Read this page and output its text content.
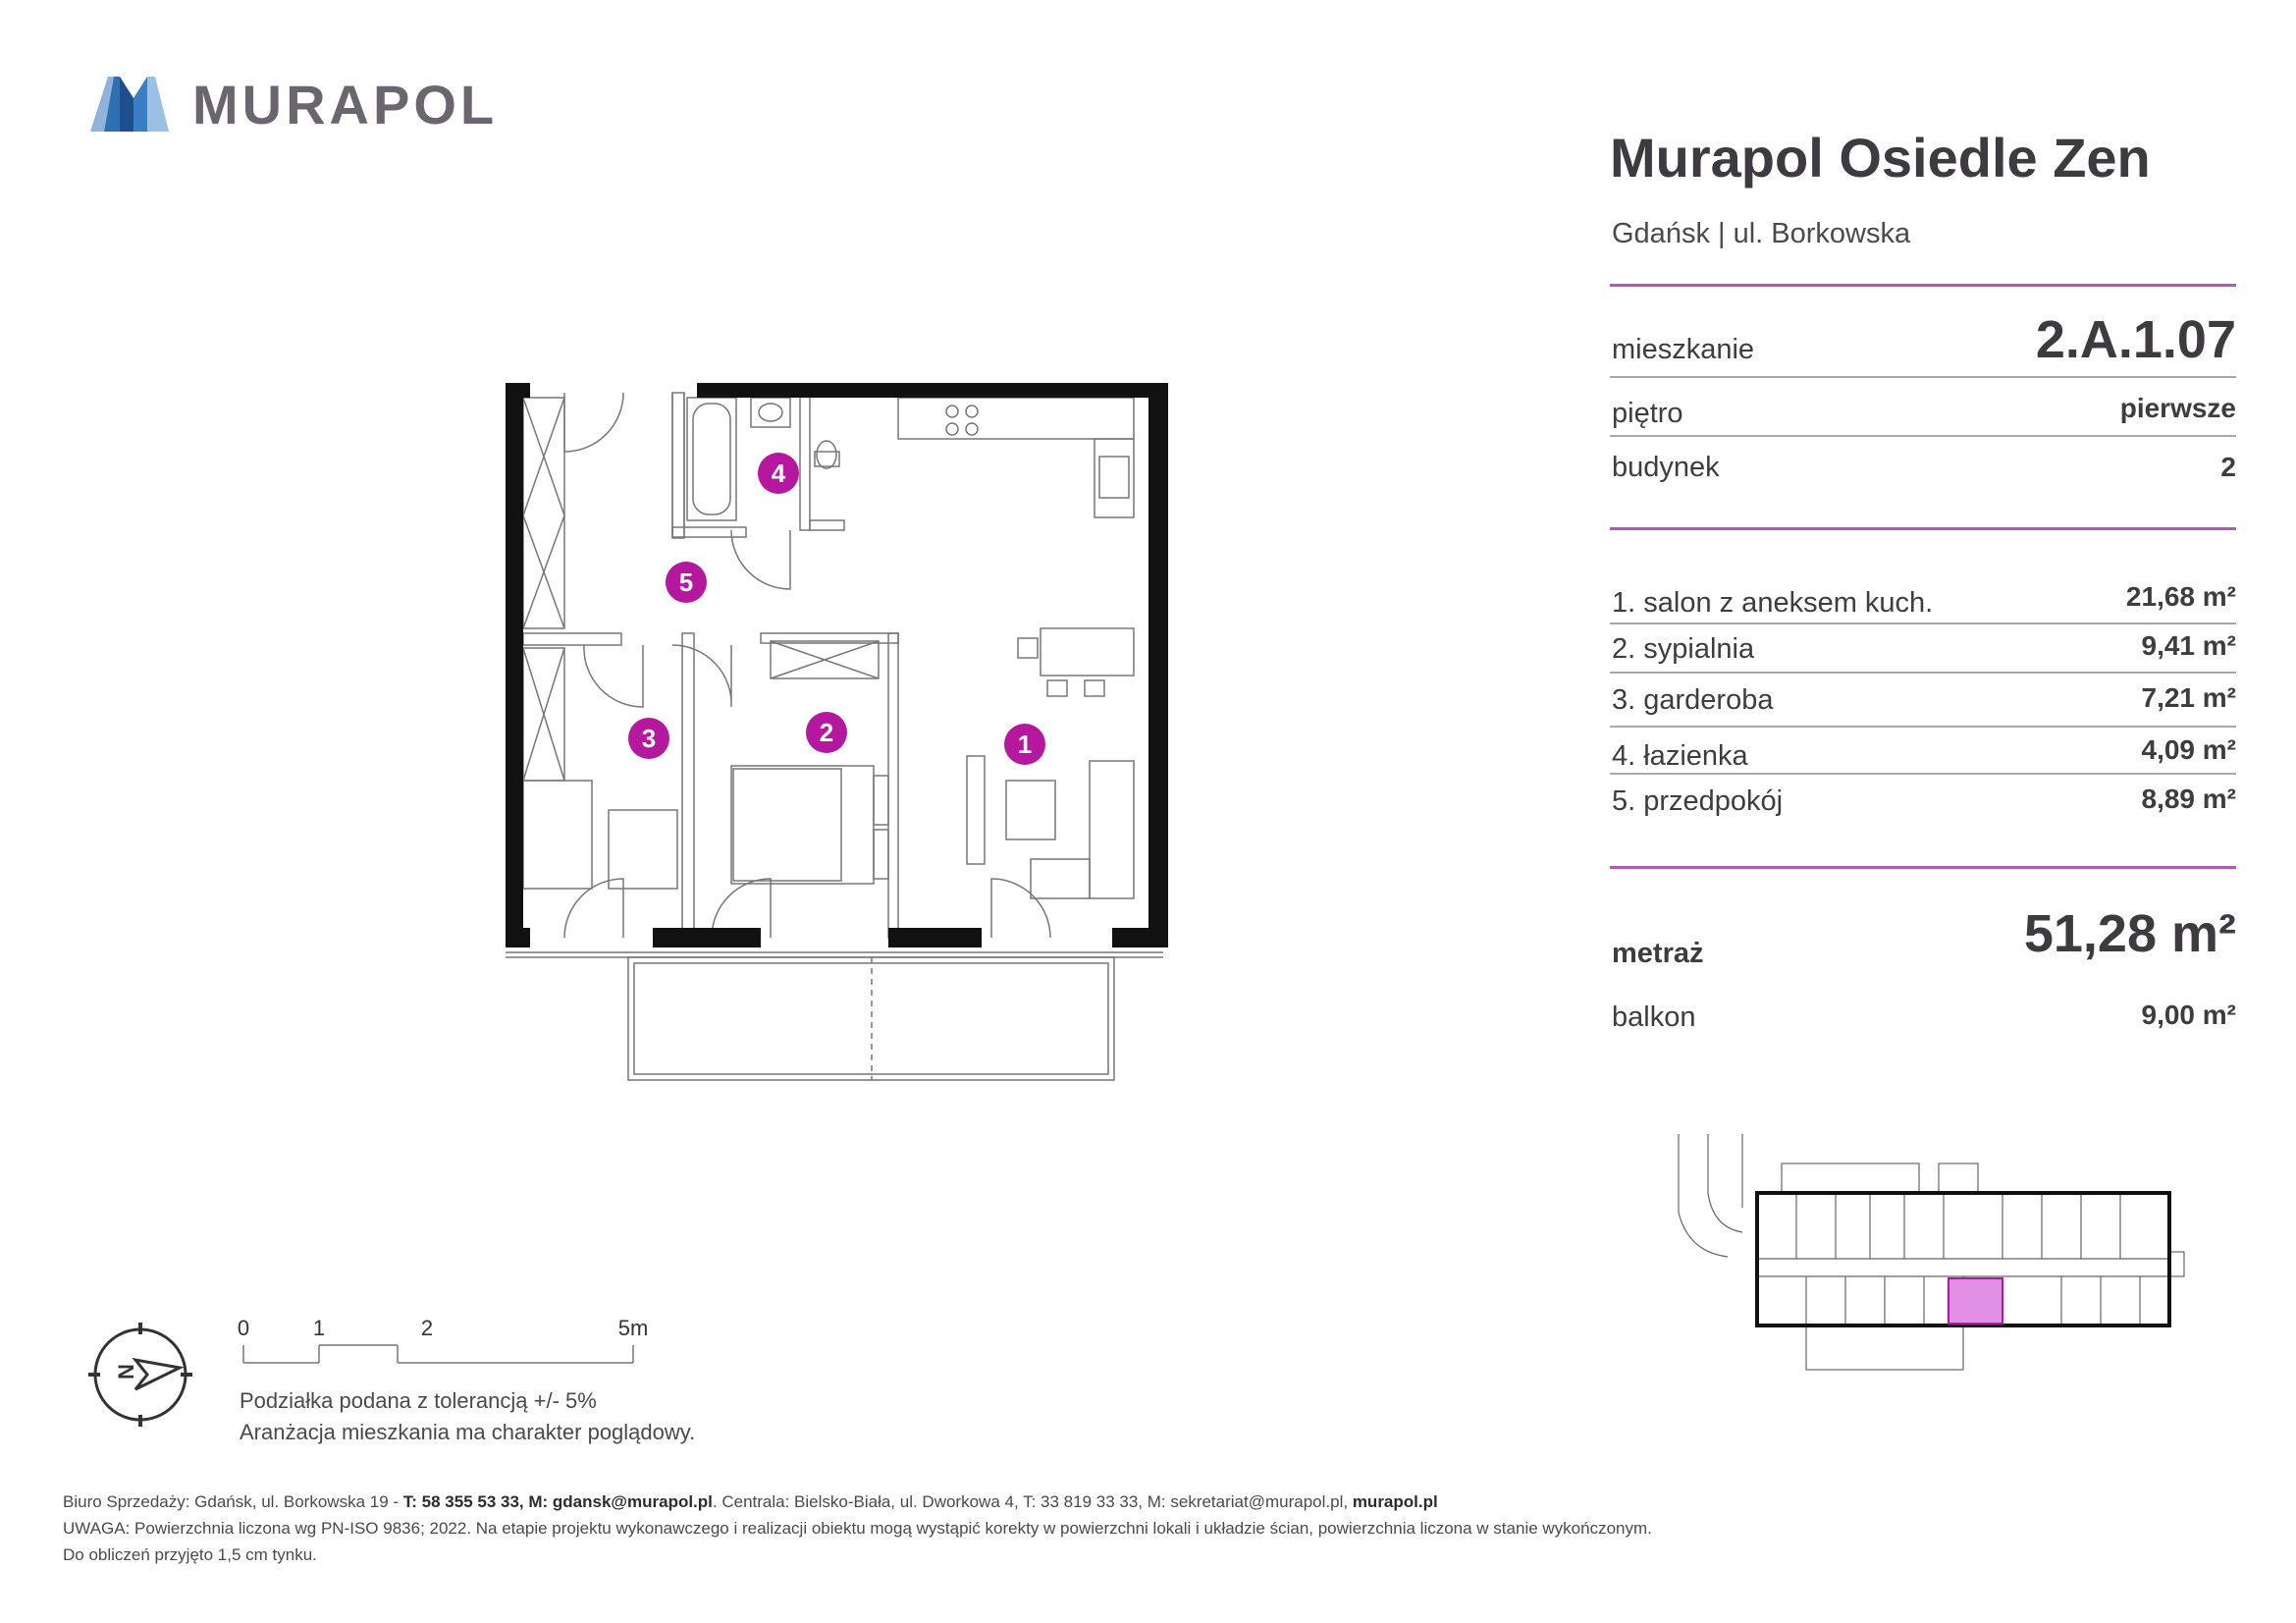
MURAPOL
Murapol Osiedle Zen
Gdańsk | ul. Borkowska
mieszkanie	2.A.1.07
piętro	pierwsze
budynek	2
1. salon z aneksem kuch.	21,68 m²
2. sypialnia	9,41 m²
3. garderoba	7,21 m²
4. łazienka	4,09 m²
5. przedpokój	8,89 m²
metraż	51,28 m²
balkon	9,00 m²
1
2
3
4
5
N
0	1	2	5m
Podziałka podana z tolerancją +/- 5%
Aranżacja mieszkania ma charakter poglądowy.
Biuro Sprzedaży: Gdańsk, ul. Borkowska 19 - T: 58 355 53 33, M: gdansk@murapol.pl. Centrala: Bielsko-Biała, ul. Dworkowa 4, T: 33 819 33 33, M: sekretariat@murapol.pl, murapol.pl
UWAGA: Powierzchnia liczona wg PN-ISO 9836; 2022. Na etapie projektu wykonawczego i realizacji obiektu mogą wystąpić korekty w powierzchni lokali i układzie ścian, powierzchnia liczona w stanie wykończonym.
Do obliczeń przyjęto 1,5 cm tynku.
